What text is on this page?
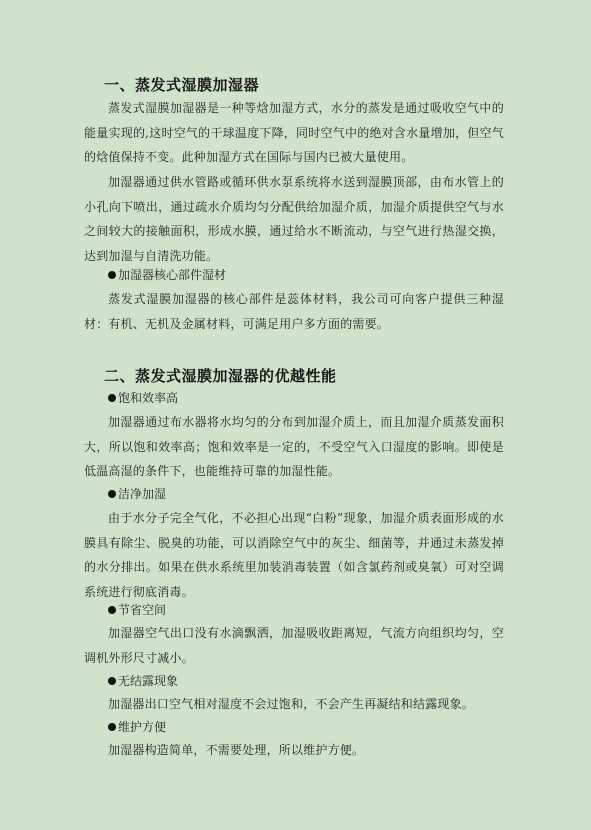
一、蒸发式湿膜加湿器
蒸发式湿膜加湿器是一种等焓加湿方式，水分的蒸发是通过吸收空气中的能量实现的,这时空气的干球温度下降，同时空气中的绝对含水量增加，但空气的焓值保持不变。此种加湿方式在国际与国内已被大量使用。
加湿器通过供水管路或循环供水泵系统将水送到湿膜顶部，由布水管上的小孔向下喷出，通过疏水介质均匀分配供给加湿介质，加湿介质提供空气与水之间较大的接触面积，形成水膜，通过给水不断流动，与空气进行热湿交换，达到加湿与自清洗功能。
加湿器核心部件湿材
蒸发式湿膜加湿器的核心部件是蕊体材料，我公司可向客户提供三种湿材：有机、无机及金属材料，可满足用户多方面的需要。
二、蒸发式湿膜加湿器的优越性能
饱和效率高
加湿器通过布水器将水均匀的分布到加湿介质上，而且加湿介质蒸发面积大，所以饱和效率高；饱和效率是一定的，不受空气入口湿度的影响。即使是低温高湿的条件下，也能维持可靠的加湿性能。
洁净加湿
由于水分子完全气化，不必担心出现“白粉”现象，加湿介质表面形成的水膜具有除尘、脱臭的功能，可以消除空气中的灰尘、细菌等，并通过未蒸发掉的水分排出。如果在供水系统里加装消毒装置（如含氯药剂或臭氧）可对空调系统进行彻底消毒。
节省空间
加湿器空气出口没有水滴飘洒，加湿吸收距离短，气流方向组织均匀，空调机外形尺寸减小。
无结露现象
加湿器出口空气相对湿度不会过饱和，不会产生再凝结和结露现象。
维护方便
加湿器构造简单，不需要处理，所以维护方便。
